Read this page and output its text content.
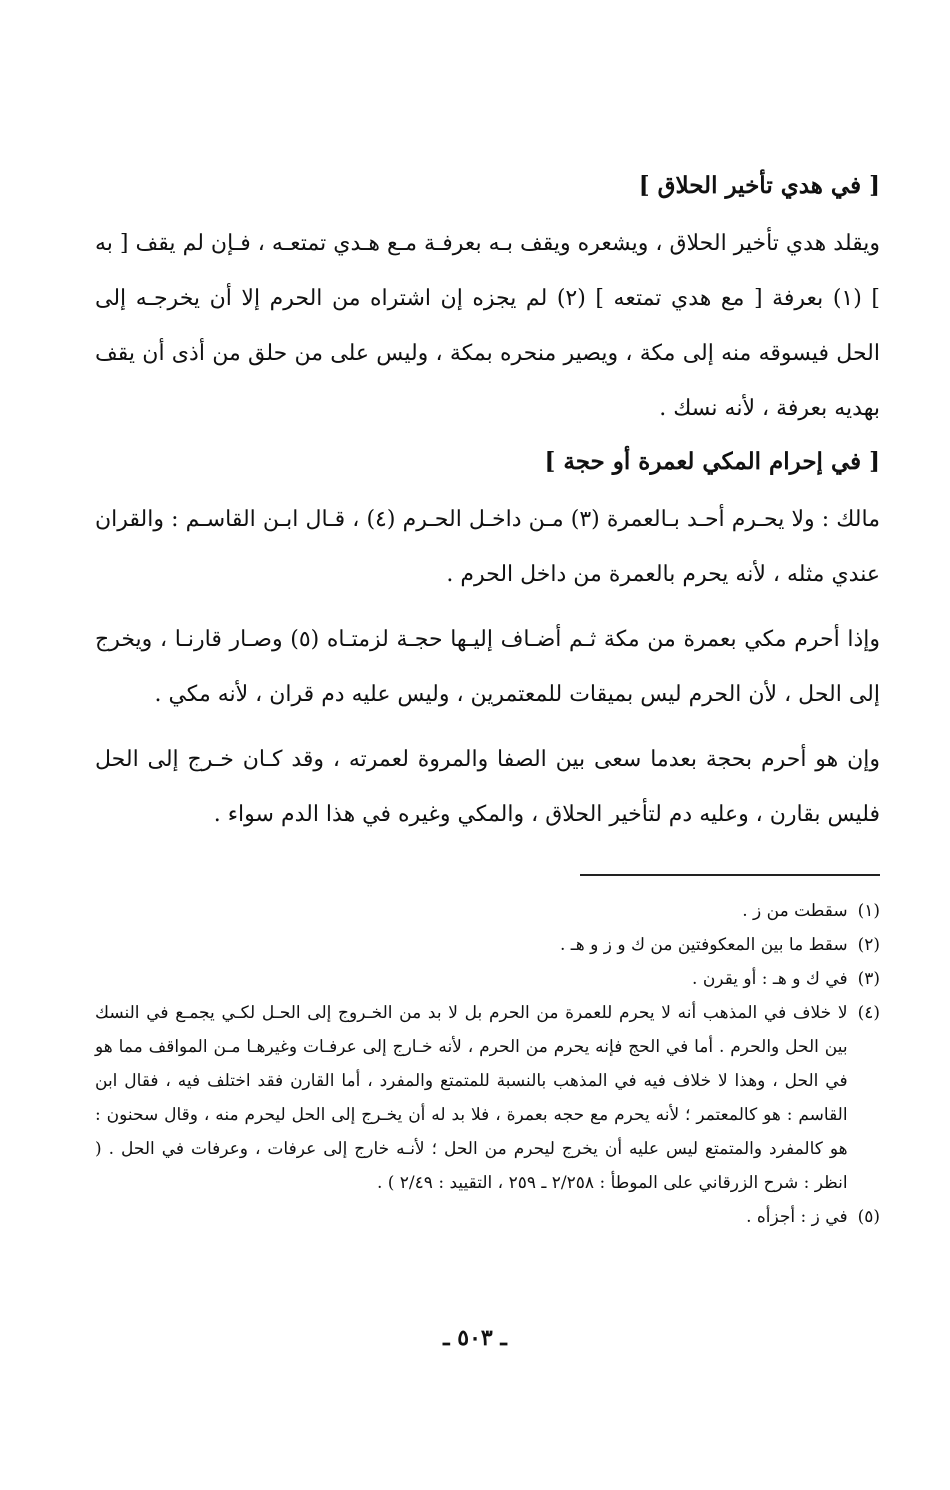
[ في هدي تأخير الحلاق ]

ويقلد هدي تأخير الحلاق ، ويشعره ويقف بـه بعرفـة مـع هـدي تمتعـه ، فـإن لم يقف [ به ] (١) بعرفة [ مع هدي تمتعه ] (٢) لم يجزه إن اشتراه من الحرم إلا أن يخرجـه إلى الحل فيسوقه منه إلى مكة ، ويصير منحره بمكة ، وليس على من حلق من أذى أن يقف بهديه بعرفة ، لأنه نسك .

[ في إحرام المكي لعمرة أو حجة ]

مالك : ولا يحـرم أحـد بـالعمرة (٣) مـن داخـل الحـرم (٤) ، قـال ابـن القاسـم : والقران عندي مثله ، لأنه يحرم بالعمرة من داخل الحرم .

وإذا أحرم مكي بعمرة من مكة ثـم أضـاف إليـها حجـة لزمتـاه (٥) وصـار قارنـا ، ويخرج إلى الحل ، لأن الحرم ليس بميقات للمعتمرين ، وليس عليه دم قران ، لأنه مكي .

وإن هو أحرم بحجة بعدما سعى بين الصفا والمروة لعمرته ، وقد كـان خـرج إلى الحل فليس بقارن ، وعليه دم لتأخير الحلاق ، والمكي وغيره في هذا الدم سواء .

(١)
سقطت من ز .
(٢)
سقط ما بين المعكوفتين من ك و ز و هـ .
(٣)
في ك و هـ : أو يقرن .
(٤)
لا خلاف في المذهب أنه لا يحرم للعمرة من الحرم بل لا بد من الخـروج إلى الحـل لكـي يجمـع في النسك بين الحل والحرم . أما في الحج فإنه يحرم من الحرم ، لأنه خـارج إلى عرفـات وغيرهـا مـن المواقف مما هو في الحل ، وهذا لا خلاف فيه في المذهب بالنسبة للمتمتع والمفرد ، أما القارن فقد اختلف فيه ، فقال ابن القاسم : هو كالمعتمر ؛ لأنه يحرم مع حجه بعمرة ، فلا بد له أن يخـرج إلى الحل ليحرم منه ، وقال سحنون : هو كالمفرد والمتمتع ليس عليه أن يخرج ليحرم من الحل ؛ لأنـه خارج إلى عرفات ، وعرفات في الحل . ( انظر : شرح الزرقاني على الموطأ : ٢/٢٥٨ ـ ٢٥٩ ، التقييد : ٢/٤٩ ) .
(٥)
في ز : أجزأه .
ـ ٥٠٣ ـ
